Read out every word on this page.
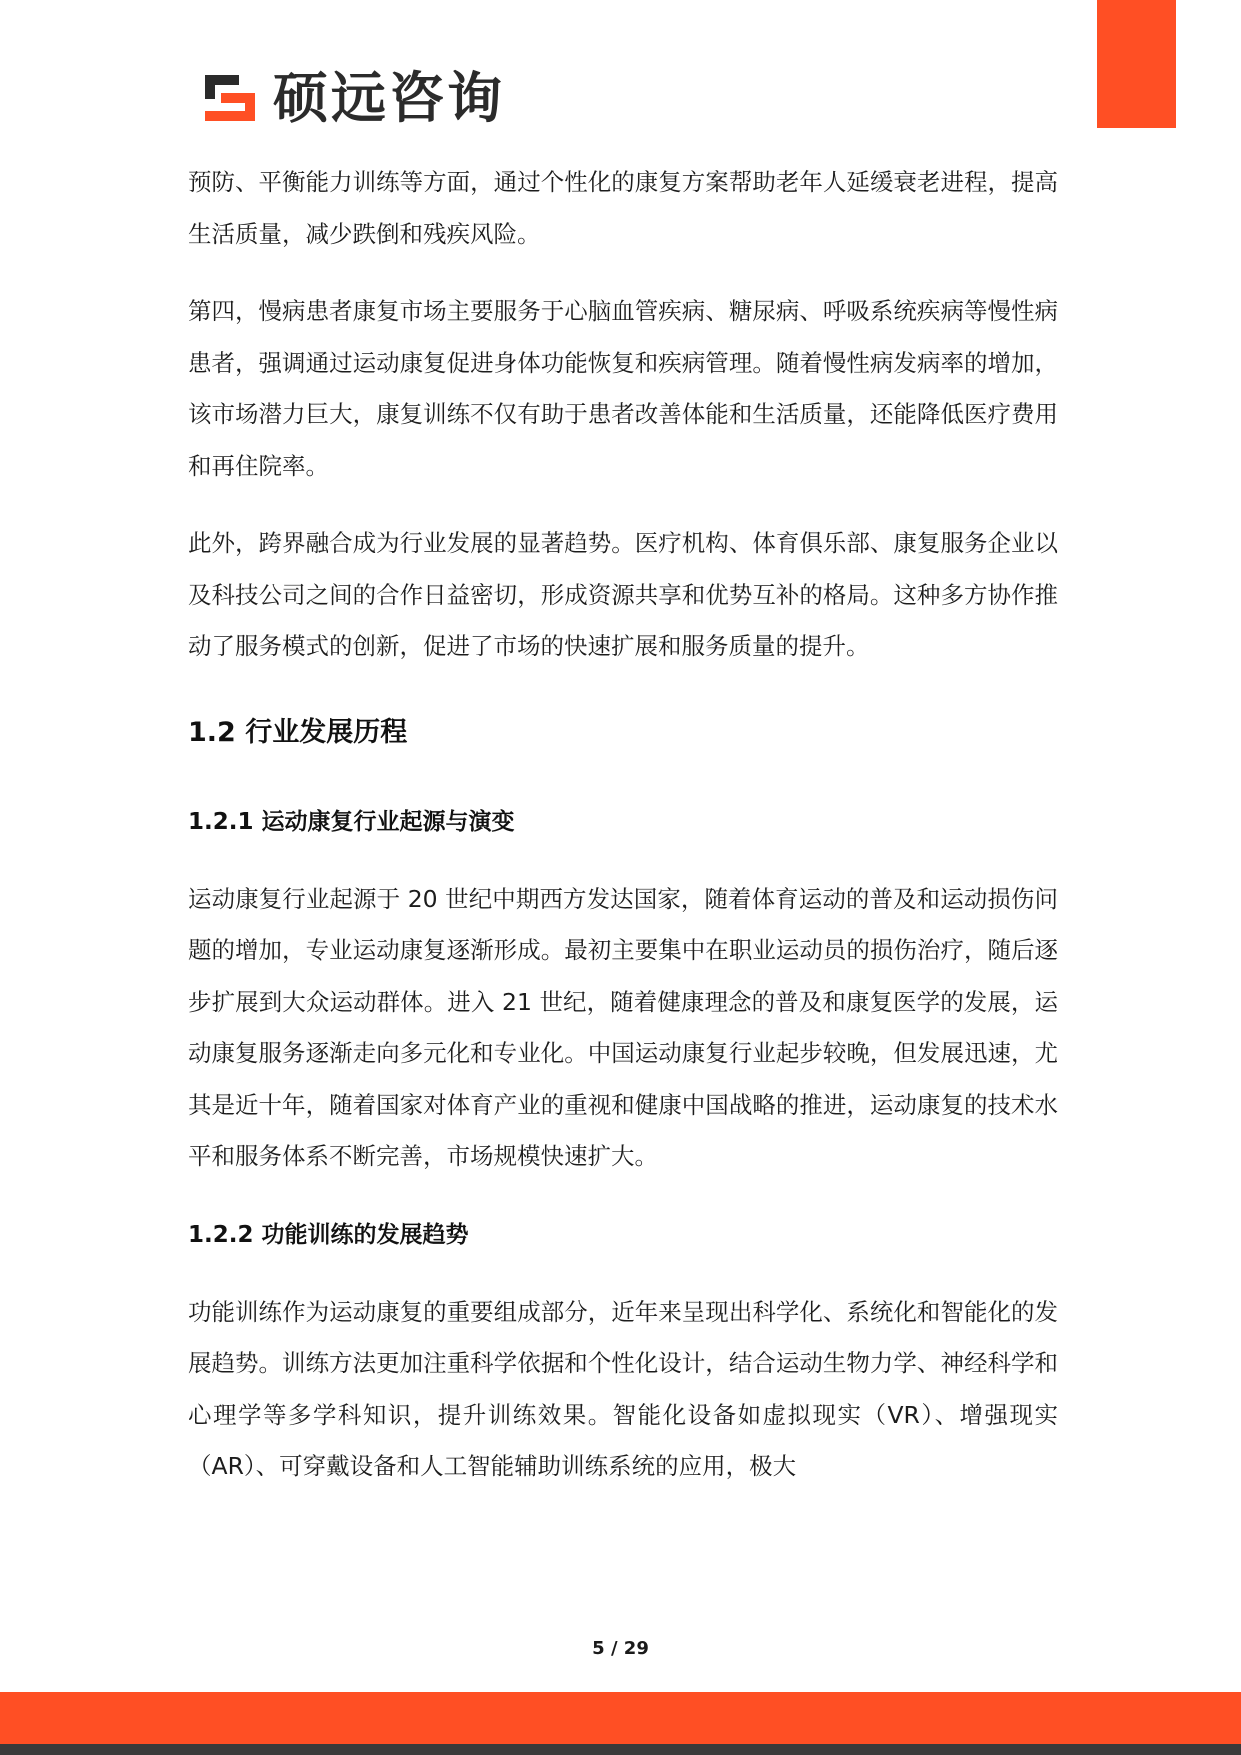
硕远咨询

预防、平衡能力训练等方面，通过个性化的康复方案帮助老年人延缓衰老进程，提高生活质量，减少跌倒和残疾风险。

第四，慢病患者康复市场主要服务于心脑血管疾病、糖尿病、呼吸系统疾病等慢性病患者，强调通过运动康复促进身体功能恢复和疾病管理。随着慢性病发病率的增加，该市场潜力巨大，康复训练不仅有助于患者改善体能和生活质量，还能降低医疗费用和再住院率。

此外，跨界融合成为行业发展的显著趋势。医疗机构、体育俱乐部、康复服务企业以及科技公司之间的合作日益密切，形成资源共享和优势互补的格局。这种多方协作推动了服务模式的创新，促进了市场的快速扩展和服务质量的提升。

1.2 行业发展历程
1.2.1 运动康复行业起源与演变

运动康复行业起源于 20 世纪中期西方发达国家，随着体育运动的普及和运动损伤问题的增加，专业运动康复逐渐形成。最初主要集中在职业运动员的损伤治疗，随后逐步扩展到大众运动群体。进入 21 世纪，随着健康理念的普及和康复医学的发展，运动康复服务逐渐走向多元化和专业化。中国运动康复行业起步较晚，但发展迅速，尤其是近十年，随着国家对体育产业的重视和健康中国战略的推进，运动康复的技术水平和服务体系不断完善，市场规模快速扩大。

1.2.2 功能训练的发展趋势

功能训练作为运动康复的重要组成部分，近年来呈现出科学化、系统化和智能化的发展趋势。训练方法更加注重科学依据和个性化设计，结合运动生物力学、神经科学和心理学等多学科知识，提升训练效果。智能化设备如虚拟现实（VR）、增强现实（AR）、可穿戴设备和人工智能辅助训练系统的应用，极大

5 / 29
